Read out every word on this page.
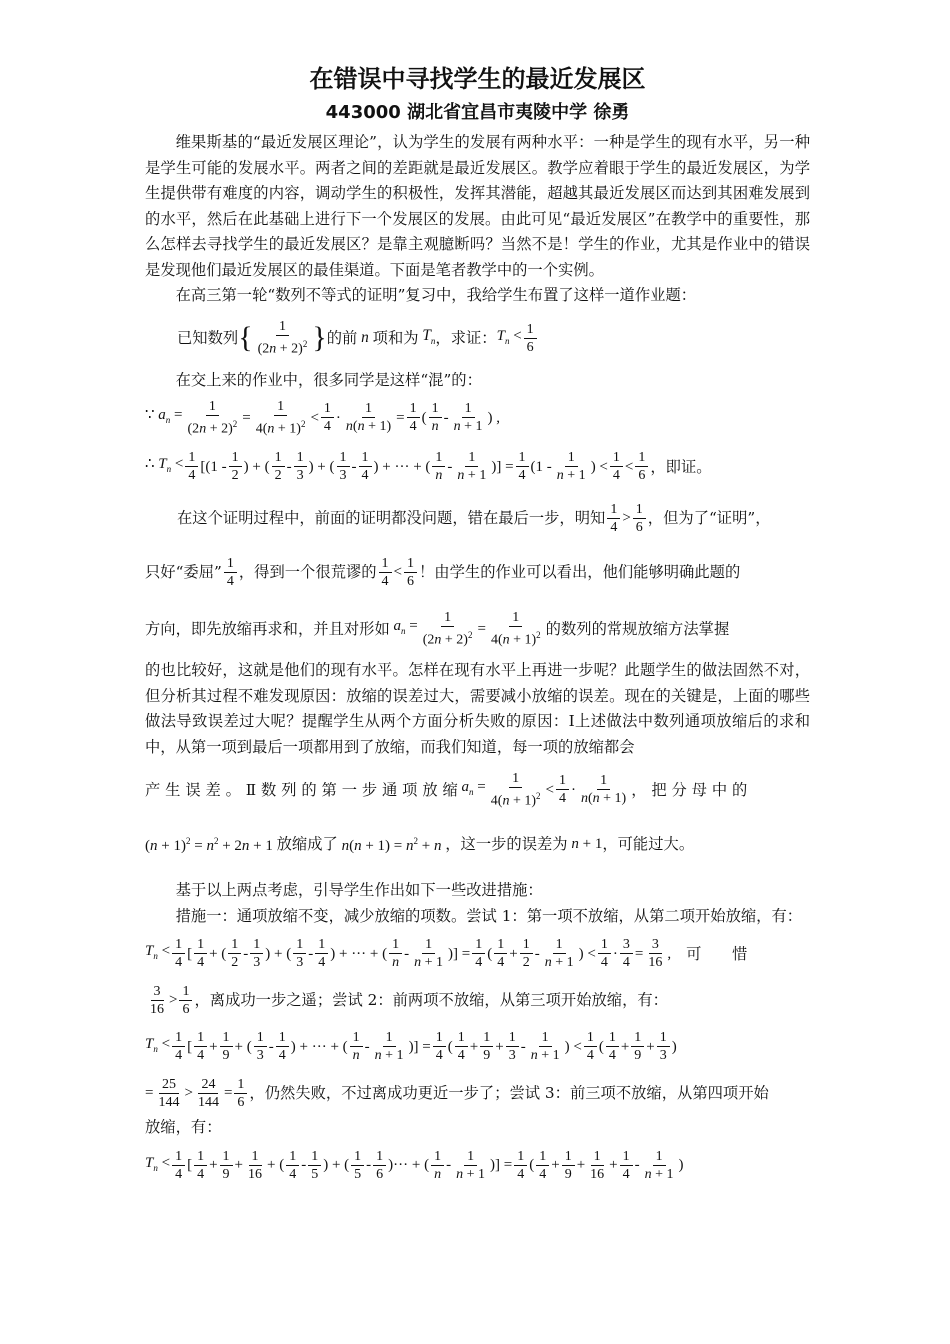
在错误中寻找学生的最近发展区
443000 湖北省宜昌市夷陵中学 徐勇

维果斯基的“最近发展区理论”，认为学生的发展有两种水平：一种是学生的现有水平，另一种是学生可能的发展水平。两者之间的差距就是最近发展区。教学应着眼于学生的最近发展区，为学生提供带有难度的内容，调动学生的积极性，发挥其潜能，超越其最近发展区而达到其困难发展到的水平，然后在此基础上进行下一个发展区的发展。由此可见“最近发展区”在教学中的重要性，那么怎样去寻找学生的最近发展区？是靠主观臆断吗？当然不是！学生的作业，尤其是作业中的错误是发现他们最近发展区的最佳渠道。下面是笔者教学中的一个实例。

在高三第一轮“数列不等式的证明”复习中，我给学生布置了这样一道作业题：

已知数列 { $\frac{1}{(2n + 2)^2}$ } 的前 n 项和为 $T_n$ ，求证： $T_n < \frac{1}{6}$

在交上来的作业中，很多同学是这样“混”的：

∵ $a_n = \frac{1}{(2n + 2)^2} = \frac{1}{4(n + 1)^2} < \frac{1}{4} \cdot \frac{1}{n(n + 1)} = \frac{1}{4}$ ( $\frac{1}{n} - \frac{1}{n + 1}$ ) ,
∴ $T_n < \frac{1}{4} [(1 - \frac{1}{2}$ ) + ( $\frac{1}{2} - \frac{1}{3}$ ) + ( $\frac{1}{3} - \frac{1}{4}$ ) + ··· + ( $\frac{1}{n} - \frac{1}{n + 1}$ )] = $\frac{1}{4} (1 - \frac{1}{n + 1}$ ) < $\frac{1}{4} < \frac{1}{6}$ ，即证。
在这个证明过程中，前面的证明都没问题，错在最后一步，明知 $\frac{1}{4} > \frac{1}{6}$ ，但为了“证明”，
只好“委屈” $\frac{1}{4}$ ，得到一个很荒谬的 $\frac{1}{4} < \frac{1}{6}$ ！由学生的作业可以看出，他们能够明确此题的
方向，即先放缩再求和，并且对形如 $a_n = \frac{1}{(2n + 2)^2} = \frac{1}{4(n + 1)^2}$ 的数列的常规放缩方法掌握

的也比较好，这就是他们的现有水平。怎样在现有水平上再进一步呢？此题学生的做法固然不对，但分析其过程不难发现原因：放缩的误差过大，需要减小放缩的误差。现在的关键是，上面的哪些做法导致误差过大呢？提醒学生从两个方面分析失败的原因：Ⅰ上述做法中数列通项放缩后的求和中，从第一项到最后一项都用到了放缩，而我们知道，每一项的放缩都会

产 生 误 差 。 Ⅱ 数 列 的 第 一 步 通 项 放 缩 $a_n = \frac{1}{4(n + 1)^2} < \frac{1}{4} \cdot \frac{1}{n(n + 1)}$ ， 把 分 母 中 的
$(n + 1)^2 = n^2 + 2n + 1$ 放缩成了 $n(n + 1) = n^2 + n$ ，这一步的误差为 n + 1 ，可能过大。

基于以上两点考虑，引导学生作出如下一些改进措施：

措施一：通项放缩不变，减少放缩的项数。尝试 1：第一项不放缩，从第二项开始放缩，有：

$T_n < \frac{1}{4}$ [ $\frac{1}{4}$ + ( $\frac{1}{2} - \frac{1}{3}$ ) + ( $\frac{1}{3} - \frac{1}{4}$ ) + ··· + ( $\frac{1}{n} - \frac{1}{n + 1}$ )] = $\frac{1}{4}$ ( $\frac{1}{4} + \frac{1}{2} - \frac{1}{n + 1}$ ) < $\frac{1}{4} \cdot \frac{3}{4} = \frac{3}{16}$ , 可　　惜
$\frac{3}{16} > \frac{1}{6}$ ，离成功一步之遥；尝试 2：前两项不放缩，从第三项开始放缩，有：
$T_n < \frac{1}{4}$ [ $\frac{1}{4} + \frac{1}{9}$ + ( $\frac{1}{3} - \frac{1}{4}$ ) + ··· + ( $\frac{1}{n} - \frac{1}{n + 1}$ )] = $\frac{1}{4}$ ( $\frac{1}{4} + \frac{1}{9} + \frac{1}{3} - \frac{1}{n + 1}$ ) < $\frac{1}{4}$ ( $\frac{1}{4} + \frac{1}{9} + \frac{1}{3}$ )
= $\frac{25}{144} > \frac{24}{144} = \frac{1}{6}$ ，仍然失败，不过离成功更近一步了；尝试 3：前三项不放缩，从第四项开始

放缩，有：

$T_n < \frac{1}{4}$ [ $\frac{1}{4} + \frac{1}{9} + \frac{1}{16}$ + ( $\frac{1}{4} - \frac{1}{5}$ ) + ( $\frac{1}{5} - \frac{1}{6}$ )··· + ( $\frac{1}{n} - \frac{1}{n + 1}$ )] = $\frac{1}{4}$ ( $\frac{1}{4} + \frac{1}{9} + \frac{1}{16} + \frac{1}{4} - \frac{1}{n + 1}$ )
